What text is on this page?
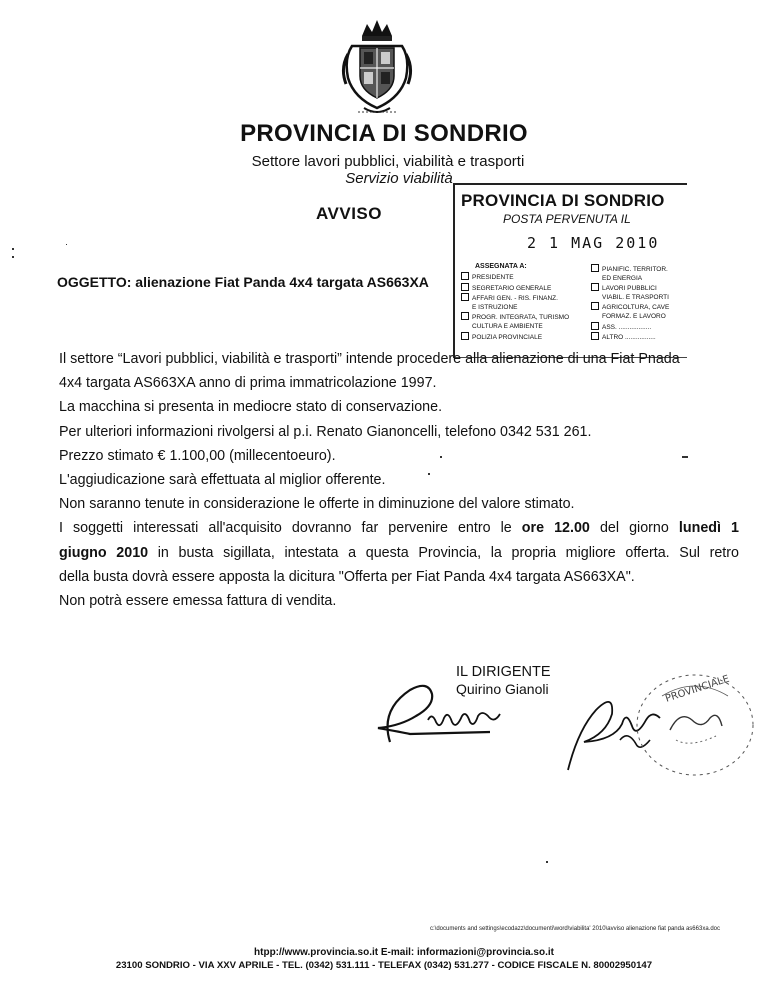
PROVINCIA DI SONDRIO
Settore lavori pubblici, viabilità e trasporti
Servizio viabilità
AVVISO
OGGETTO: alienazione Fiat Panda 4x4 targata AS663XA
PROVINCIA DI SONDRIO
POSTA PERVENUTA IL
2 1 MAG 2010
ASSEGNATA A:
PRESIDENTE
SEGRETARIO GENERALE
AFFARI GEN. - RIS. FINANZ.
E ISTRUZIONE
PROGR. INTEGRATA, TURISMO
CULTURA E AMBIENTE
POLIZIA PROVINCIALE
PIANIFIC. TERRITOR.
ED ENERGIA
LAVORI PUBBLICI
VIABIL. E TRASPORTI
AGRICOLTURA, CAVE
FORMAZ. E LAVORO
ASS. ..................
ALTRO .................

Il settore “Lavori pubblici, viabilità e trasporti” intende procedere alla alienazione di una Fiat Pnada

4x4 targata AS663XA anno di prima immatricolazione 1997.

La macchina si presenta in mediocre stato di conservazione.

Per ulteriori informazioni rivolgersi al p.i. Renato Gianoncelli, telefono 0342 531 261.

Prezzo stimato € 1.100,00 (millecentoeuro).

L'aggiudicazione sarà effettuata al miglior offerente.

Non saranno tenute in considerazione le offerte in diminuzione del valore stimato.

I soggetti interessati all'acquisito dovranno far pervenire entro le ore 12.00 del giorno lunedì 1

giugno 2010 in busta sigillata, intestata a questa Provincia, la propria migliore offerta. Sul retro

della busta dovrà essere apposta la dicitura "Offerta per Fiat Panda 4x4 targata AS663XA".

Non potrà essere emessa fattura di vendita.

IL DIRIGENTE
Quirino Gianoli	PROVINCIALE
c:\documents and settings\ecodazz\documenti\word\viabilita' 2010\avviso alienazione fiat panda as663xa.doc
htpp://www.provincia.so.it E-mail: informazioni@provincia.so.it
23100 SONDRIO - VIA XXV APRILE - TEL. (0342) 531.111 - TELEFAX (0342) 531.277 - CODICE FISCALE N. 80002950147
